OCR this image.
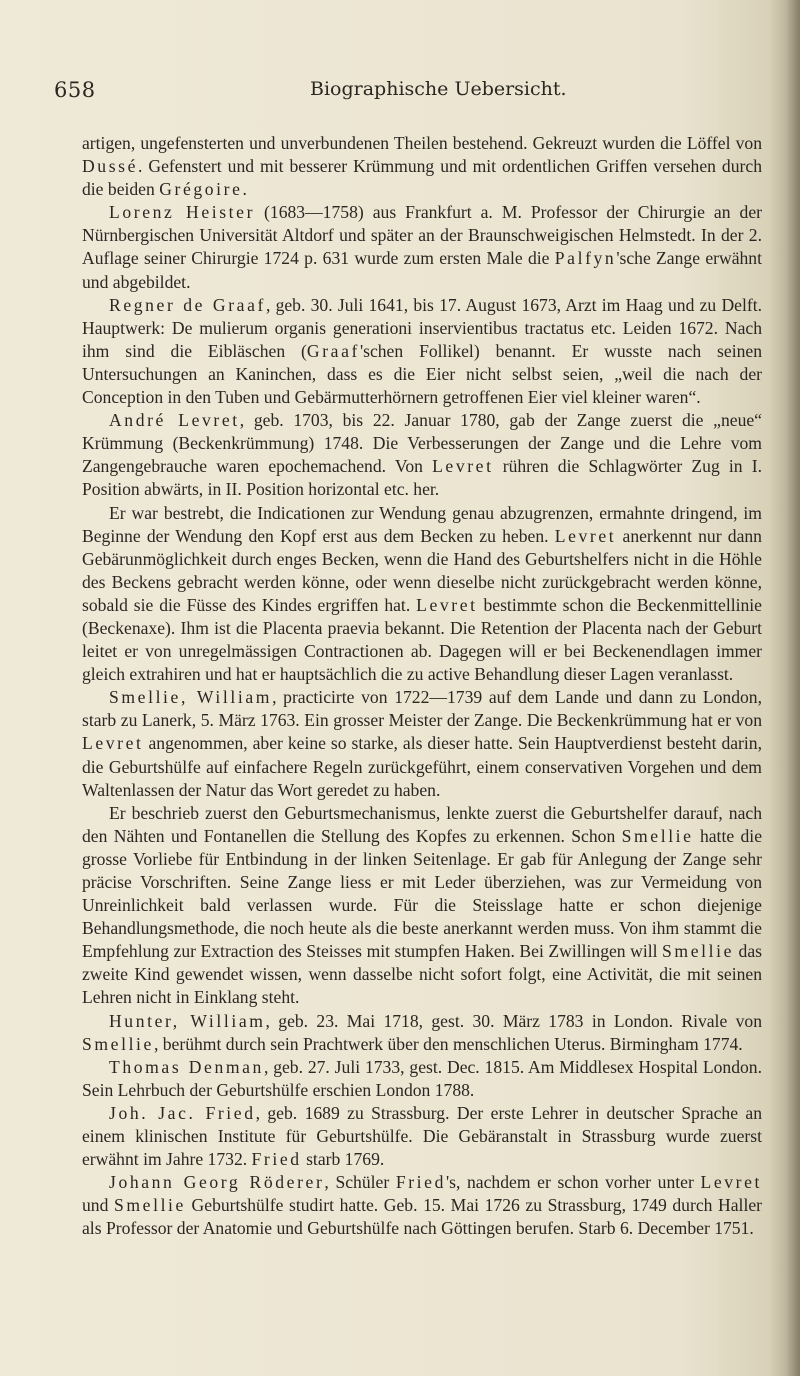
658	Biographische Uebersicht.

artigen, ungefensterten und unverbundenen Theilen bestehend. Gekreuzt wurden die Löffel von Dussé. Gefenstert und mit besserer Krümmung und mit ordentlichen Griffen versehen durch die beiden Grégoire.

Lorenz Heister (1683—1758) aus Frankfurt a. M. Professor der Chirurgie an der Nürnbergischen Universität Altdorf und später an der Braunschweigischen Helmstedt. In der 2. Auflage seiner Chirurgie 1724 p. 631 wurde zum ersten Male die Palfyn'sche Zange erwähnt und abgebildet.

Regner de Graaf, geb. 30. Juli 1641, bis 17. August 1673, Arzt im Haag und zu Delft. Hauptwerk: De mulierum organis generationi inservientibus tractatus etc. Leiden 1672. Nach ihm sind die Eibläschen (Graaf'schen Follikel) benannt. Er wusste nach seinen Untersuchungen an Kaninchen, dass es die Eier nicht selbst seien, „weil die nach der Conception in den Tuben und Gebärmutterhörnern getroffenen Eier viel kleiner waren“.

André Levret, geb. 1703, bis 22. Januar 1780, gab der Zange zuerst die „neue“ Krümmung (Beckenkrümmung) 1748. Die Verbesserungen der Zange und die Lehre vom Zangengebrauche waren epochemachend. Von Levret rühren die Schlagwörter Zug in I. Position abwärts, in II. Position horizontal etc. her.

Er war bestrebt, die Indicationen zur Wendung genau abzugrenzen, ermahnte dringend, im Beginne der Wendung den Kopf erst aus dem Becken zu heben. Levret anerkennt nur dann Gebärunmöglichkeit durch enges Becken, wenn die Hand des Geburtshelfers nicht in die Höhle des Beckens gebracht werden könne, oder wenn dieselbe nicht zurückgebracht werden könne, sobald sie die Füsse des Kindes ergriffen hat. Levret bestimmte schon die Beckenmittellinie (Beckenaxe). Ihm ist die Placenta praevia bekannt. Die Retention der Placenta nach der Geburt leitet er von unregelmässigen Contractionen ab. Dagegen will er bei Beckenendlagen immer gleich extrahiren und hat er hauptsächlich die zu active Behandlung dieser Lagen veranlasst.

Smellie, William, practicirte von 1722—1739 auf dem Lande und dann zu London, starb zu Lanerk, 5. März 1763. Ein grosser Meister der Zange. Die Beckenkrümmung hat er von Levret angenommen, aber keine so starke, als dieser hatte. Sein Hauptverdienst besteht darin, die Geburtshülfe auf einfachere Regeln zurückgeführt, einem conservativen Vorgehen und dem Waltenlassen der Natur das Wort geredet zu haben.

Er beschrieb zuerst den Geburtsmechanismus, lenkte zuerst die Geburtshelfer darauf, nach den Nähten und Fontanellen die Stellung des Kopfes zu erkennen. Schon Smellie hatte die grosse Vorliebe für Entbindung in der linken Seitenlage. Er gab für Anlegung der Zange sehr präcise Vorschriften. Seine Zange liess er mit Leder überziehen, was zur Vermeidung von Unreinlichkeit bald verlassen wurde. Für die Steisslage hatte er schon diejenige Behandlungsmethode, die noch heute als die beste anerkannt werden muss. Von ihm stammt die Empfehlung zur Extraction des Steisses mit stumpfen Haken. Bei Zwillingen will Smellie das zweite Kind gewendet wissen, wenn dasselbe nicht sofort folgt, eine Activität, die mit seinen Lehren nicht in Einklang steht.

Hunter, William, geb. 23. Mai 1718, gest. 30. März 1783 in London. Rivale von Smellie, berühmt durch sein Prachtwerk über den menschlichen Uterus. Birmingham 1774.

Thomas Denman, geb. 27. Juli 1733, gest. Dec. 1815. Am Middlesex Hospital London. Sein Lehrbuch der Geburtshülfe erschien London 1788.

Joh. Jac. Fried, geb. 1689 zu Strassburg. Der erste Lehrer in deutscher Sprache an einem klinischen Institute für Geburtshülfe. Die Gebäranstalt in Strassburg wurde zuerst erwähnt im Jahre 1732. Fried starb 1769.

Johann Georg Röderer, Schüler Fried's, nachdem er schon vorher unter Levret und Smellie Geburtshülfe studirt hatte. Geb. 15. Mai 1726 zu Strassburg, 1749 durch Haller als Professor der Anatomie und Geburtshülfe nach Göttingen berufen. Starb 6. December 1751.
